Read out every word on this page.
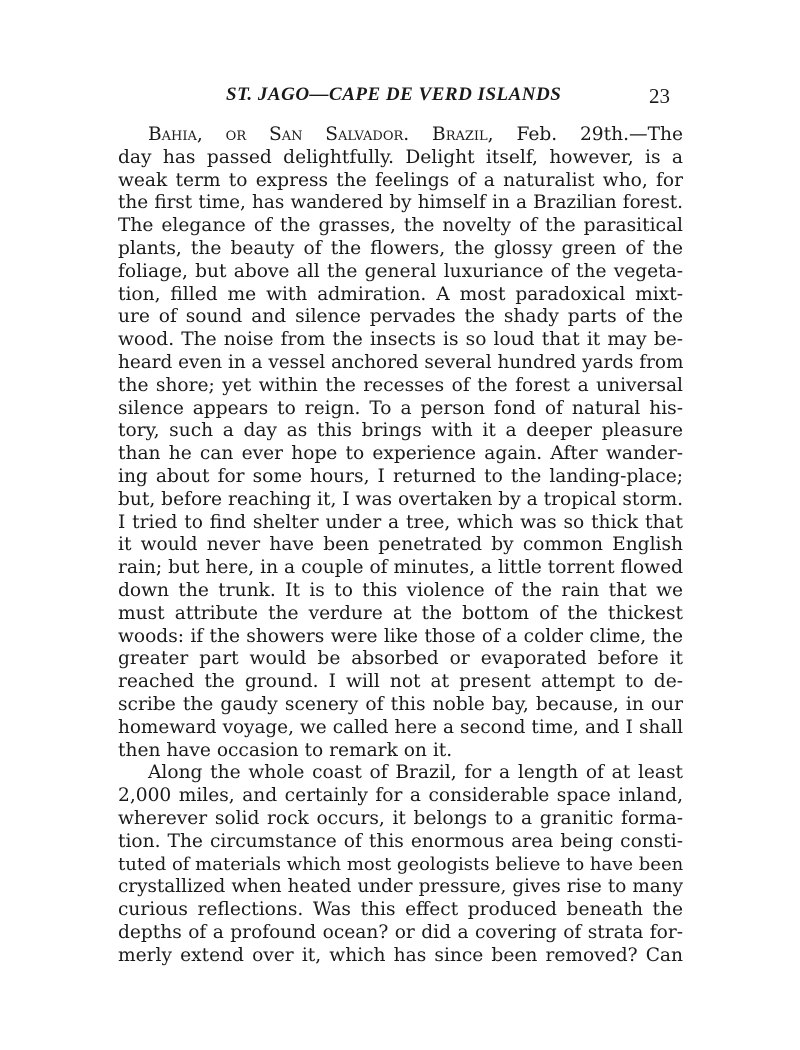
ST. JAGO—CAPE DE VERD ISLANDS	23
Bahia, or San Salvador. Brazil, Feb. 29th.—The
day has passed delightfully. Delight itself, however, is a
weak term to express the feelings of a naturalist who, for
the first time, has wandered by himself in a Brazilian forest.
The elegance of the grasses, the novelty of the parasitical
plants, the beauty of the flowers, the glossy green of the
foliage, but above all the general luxuriance of the vegeta-
tion, filled me with admiration. A most paradoxical mixt-
ure of sound and silence pervades the shady parts of the
wood. The noise from the insects is so loud that it may be-
heard even in a vessel anchored several hundred yards from
the shore; yet within the recesses of the forest a universal
silence appears to reign. To a person fond of natural his-
tory, such a day as this brings with it a deeper pleasure
than he can ever hope to experience again. After wander-
ing about for some hours, I returned to the landing-place;
but, before reaching it, I was overtaken by a tropical storm.
I tried to find shelter under a tree, which was so thick that
it would never have been penetrated by common English
rain; but here, in a couple of minutes, a little torrent flowed
down the trunk. It is to this violence of the rain that we
must attribute the verdure at the bottom of the thickest
woods: if the showers were like those of a colder clime, the
greater part would be absorbed or evaporated before it
reached the ground. I will not at present attempt to de-
scribe the gaudy scenery of this noble bay, because, in our
homeward voyage, we called here a second time, and I shall
then have occasion to remark on it.
Along the whole coast of Brazil, for a length of at least
2,000 miles, and certainly for a considerable space inland,
wherever solid rock occurs, it belongs to a granitic forma-
tion. The circumstance of this enormous area being consti-
tuted of materials which most geologists believe to have been
crystallized when heated under pressure, gives rise to many
curious reflections. Was this effect produced beneath the
depths of a profound ocean? or did a covering of strata for-
merly extend over it, which has since been removed? Can
